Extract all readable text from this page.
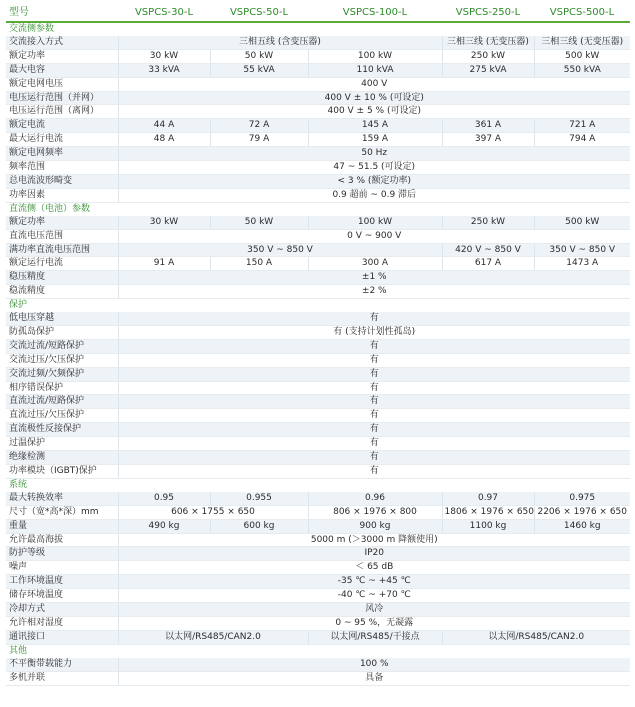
型号	VSPCS-30-L	VSPCS-50-L	VSPCS-100-L	VSPCS-250-L	VSPCS-500-L
交流侧参数					
交流接入方式	三相五线 (含变压器)			三相三线 (无变压器)	三相三线 (无变压器)
额定功率	30 kW	50 kW	100 kW	250 kW	500 kW
最大电容	33 kVA	55 kVA	110 kVA	275 kVA	550 kVA
额定电网电压	400 V				
电压运行范围（并网）	400 V ± 10 % (可设定)				
电压运行范围（离网）	400 V ± 5 % (可设定)				
额定电流	44 A	72 A	145 A	361 A	721 A
最大运行电流	48 A	79 A	159 A	397 A	794 A
额定电网频率	50 Hz				
频率范围	47 ~ 51.5 (可设定)				
总电流波形畸变	< 3 % (额定功率)				
功率因素	0.9 超前 ~ 0.9 滞后				
直流侧（电池）参数					
额定功率	30 kW	50 kW	100 kW	250 kW	500 kW
直流电压范围	0 V ~ 900 V				
满功率直流电压范围	350 V ~ 850 V			420 V ~ 850 V	350 V ~ 850 V
额定运行电流	91 A	150 A	300 A	617 A	1473 A
稳压精度	±1 %				
稳流精度	±2 %				
保护					
低电压穿越	有				
防孤岛保护	有 (支持计划性孤岛)				
交流过流/短路保护	有				
交流过压/欠压保护	有				
交流过频/欠频保护	有				
相序错误保护	有				
直流过流/短路保护	有				
直流过压/欠压保护	有				
直流极性反接保护	有				
过温保护	有				
绝缘检测	有				
功率模块（IGBT)保护	有				
系统					
最大转换效率	0.95	0.955	0.96	0.97	0.975
尺寸（宽*高*深）mm	606 × 1755 × 650		806 × 1976 × 800	1806 × 1976 × 650	2206 × 1976 × 650
重量	490 kg	600 kg	900 kg	1100 kg	1460 kg
允许最高海拔	5000 m (＞3000 m 降额使用)				
防护等级	IP20				
噪声	＜ 65 dB				
工作环境温度	-35 ℃ ~ +45 ℃				
储存环境温度	-40 ℃ ~ +70 ℃				
冷却方式	风冷				
允许相对湿度	0 ~ 95 %，无凝露				
通讯接口	以太网/RS485/CAN2.0		以太网/RS485/干接点	以太网/RS485/CAN2.0	
其他					
不平衡带载能力	100 %				
多机并联	具备				
